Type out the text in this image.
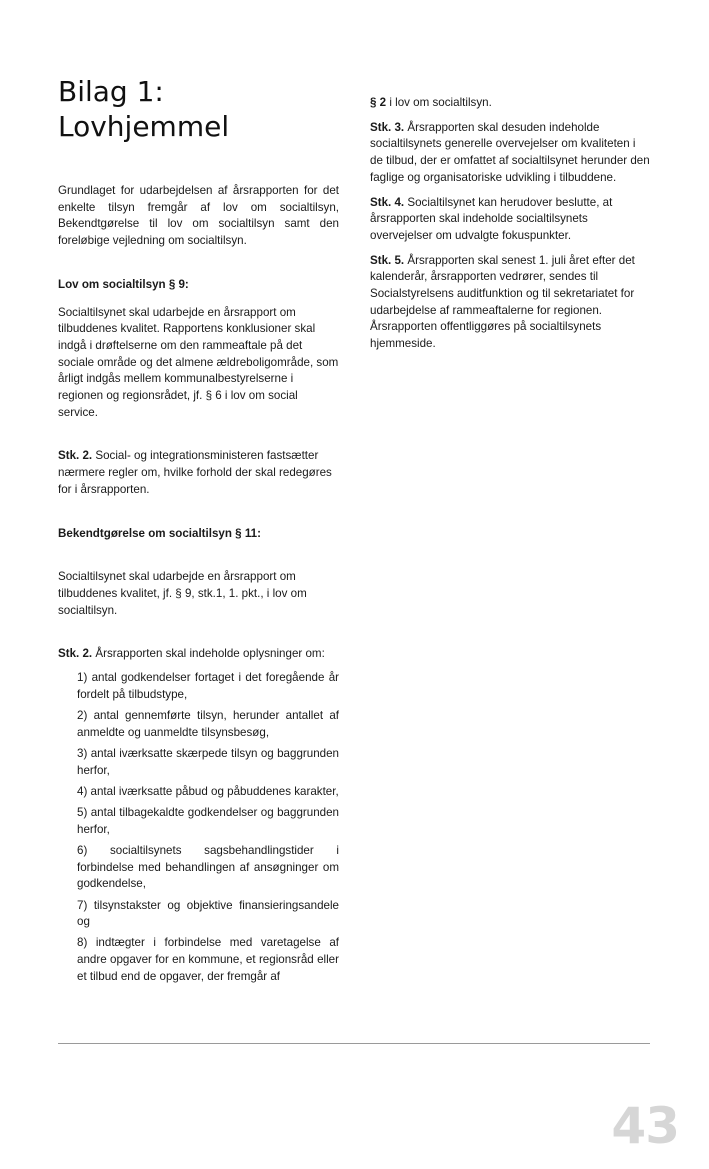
Bilag 1:
Lovhjemmel

Grundlaget for udarbejdelsen af årsrapporten for det enkelte tilsyn fremgår af lov om socialtilsyn, Bekendtgørelse til lov om socialtilsyn samt den foreløbige vejledning om socialtilsyn.

Lov om socialtilsyn § 9:

Socialtilsynet skal udarbejde en årsrapport om tilbuddenes kvalitet. Rapportens konklusioner skal indgå i drøftelserne om den rammeaftale på det sociale område og det almene ældreboligområde, som årligt indgås mellem kommunalbestyrelserne i regionen og regionsrådet, jf. § 6 i lov om social service.

Stk. 2. Social- og integrationsministeren fastsætter nærmere regler om, hvilke forhold der skal redegøres for i årsrapporten.

Bekendtgørelse om socialtilsyn § 11:

Socialtilsynet skal udarbejde en årsrapport om tilbuddenes kvalitet, jf. § 9, stk.1, 1. pkt., i lov om socialtilsyn.

Stk. 2. Årsrapporten skal indeholde oplysninger om:

1) antal godkendelser fortaget i det foregående år fordelt på tilbudstype,
2) antal gennemførte tilsyn, herunder antallet af anmeldte og uanmeldte tilsynsbesøg,
3) antal iværksatte skærpede tilsyn og baggrunden herfor,
4) antal iværksatte påbud og påbuddenes karakter,
5) antal tilbagekaldte godkendelser og baggrunden herfor,
6) socialtilsynets sagsbehandlingstider i forbindelse med behandlingen af ansøgninger om godkendelse,
7) tilsynstakster og objektive finansieringsandele og
8) indtægter i forbindelse med varetagelse af andre opgaver for en kommune, et regionsråd eller et tilbud end de opgaver, der fremgår af

§ 2 i lov om socialtilsyn.

Stk. 3. Årsrapporten skal desuden indeholde socialtilsynets generelle overvejelser om kvaliteten i de tilbud, der er omfattet af socialtilsynet herunder den faglige og organisatoriske udvikling i tilbuddene.

Stk. 4. Socialtilsynet kan herudover beslutte, at årsrapporten skal indeholde socialtilsynets overvejelser om udvalgte fokuspunkter.

Stk. 5. Årsrapporten skal senest 1. juli året efter det kalenderår, årsrapporten vedrører, sendes til Socialstyrelsens auditfunktion og til sekretariatet for udarbejdelse af rammeaftalerne for regionen. Årsrapporten offentliggøres på socialtilsynets hjemmeside.

43
